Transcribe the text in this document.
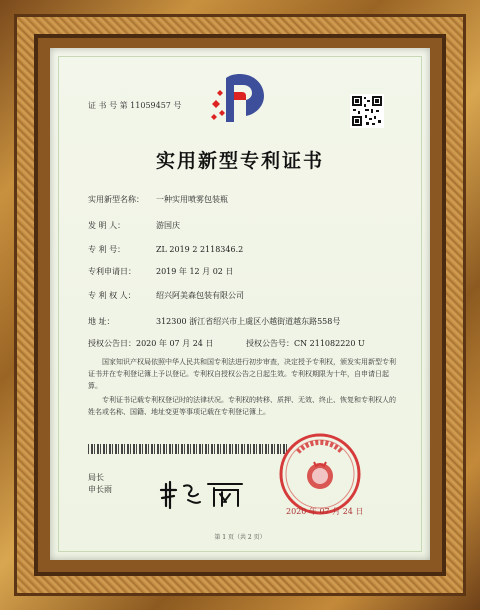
证 书 号 第 11059457 号
实用新型专利证书
实用新型名称： 一种实用喷雾包装瓶
发 明 人：	游国庆
专 利 号：	ZL 2019 2 2118346.2
专利申请日：	2019 年 12 月 02 日
专 利 权 人：	绍兴阿美森包装有限公司
地 址：	312300 浙江省绍兴市上虞区小越街道越东路558号
授权公告日：2020 年 07 月 24 日	授权公告号：CN 211082220 U
国家知识产权局依照中华人民共和国专利法进行初步审查，决定授予专利权，颁发实用新型专利证书并在专利登记簿上予以登记。专利权自授权公告之日起生效。专利权期限为十年，自申请日起算。
专利证书记载专利权登记时的法律状况。专利权的转移、质押、无效、终止、恢复和专利权人的姓名或名称、国籍、地址变更等事项记载在专利登记簿上。
局长
申长雨
2020 年 07 月 24 日
第 1 页（共 2 页）
